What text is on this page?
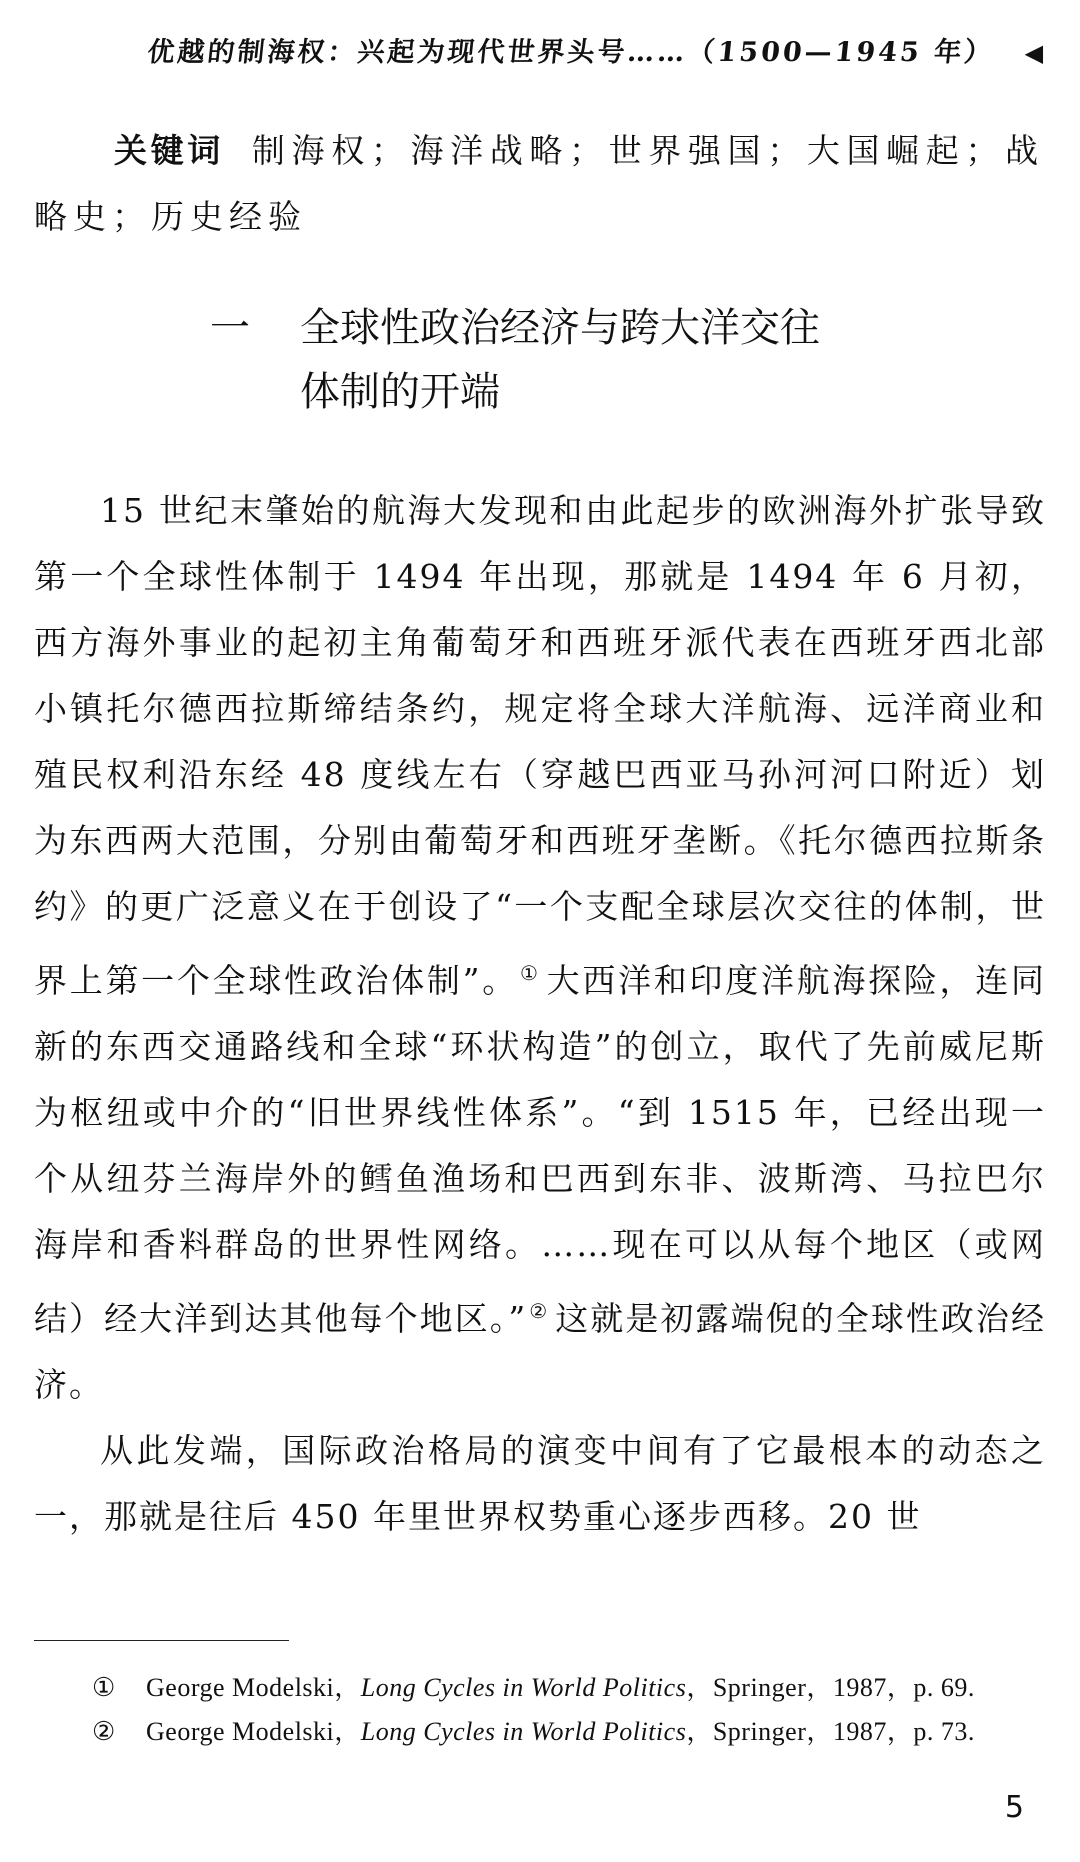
优越的制海权：兴起为现代世界头号……（1500—1945 年） ◀
关键词 制海权；海洋战略；世界强国；大国崛起；战略史；历史经验
一 全球性政治经济与跨大洋交往
体制的开端

15 世纪末肇始的航海大发现和由此起步的欧洲海外扩张导致第一个全球性体制于 1494 年出现，那就是 1494 年 6 月初，西方海外事业的起初主角葡萄牙和西班牙派代表在西班牙西北部小镇托尔德西拉斯缔结条约，规定将全球大洋航海、远洋商业和殖民权利沿东经 48 度线左右（穿越巴西亚马孙河河口附近）划为东西两大范围，分别由葡萄牙和西班牙垄断。《托尔德西拉斯条约》的更广泛意义在于创设了“一个支配全球层次交往的体制，世界上第一个全球性政治体制”。 ① 大西洋和印度洋航海探险，连同新的东西交通路线和全球“环状构造”的创立，取代了先前威尼斯为枢纽或中介的“旧世界线性体系”。“到 1515 年，已经出现一个从纽芬兰海岸外的鳕鱼渔场和巴西到东非、波斯湾、马拉巴尔海岸和香料群岛的世界性网络。……现在可以从每个地区（或网结）经大洋到达其他每个地区。” ② 这就是初露端倪的全球性政治经济。

从此发端，国际政治格局的演变中间有了它最根本的动态之一，那就是往后 450 年里世界权势重心逐步西移。20 世

①	George Modelski， Long Cycles in World Politics ，Springer，1987，p. 69.
②	George Modelski， Long Cycles in World Politics ，Springer，1987，p. 73.
5
